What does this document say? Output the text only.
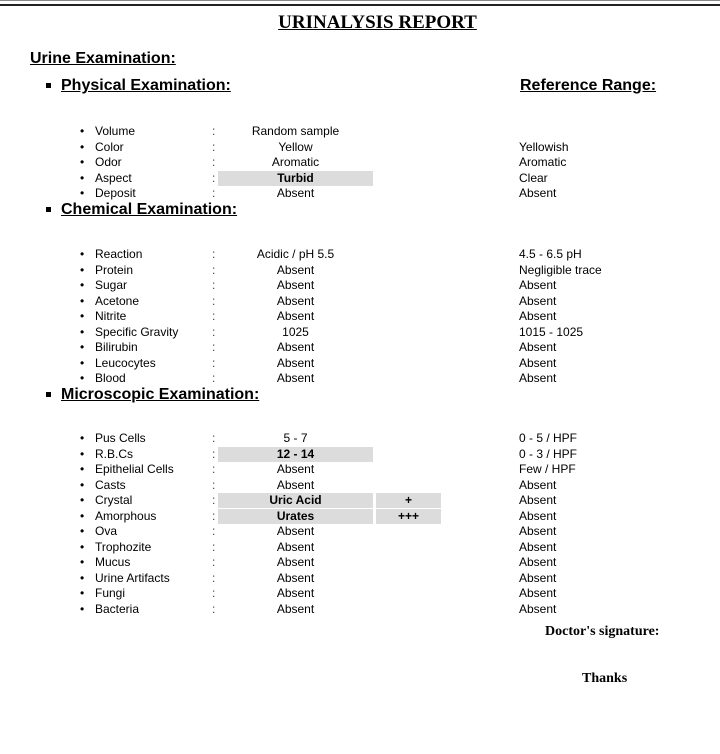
URINALYSIS REPORT
Urine Examination:
Physical Examination:	Reference Range:
• Volume	:	Random sample
• Color	:	Yellow	Yellowish
• Odor	:	Aromatic	Aromatic
• Aspect	:	Turbid	Clear
• Deposit	:	Absent	Absent
Chemical Examination:
• Reaction	:	Acidic / pH 5.5	4.5 - 6.5 pH
• Protein	:	Absent	Negligible trace
• Sugar	:	Absent	Absent
• Acetone	:	Absent	Absent
• Nitrite	:	Absent	Absent
• Specific Gravity	:	1025	1015 - 1025
• Bilirubin	:	Absent	Absent
• Leucocytes	:	Absent	Absent
• Blood	:	Absent	Absent
Microscopic Examination:
• Pus Cells	:	5 - 7	0 - 5 / HPF
• R.B.Cs	:	12 - 14	0 - 3 / HPF
• Epithelial Cells	:	Absent	Few / HPF
• Casts	:	Absent	Absent
• Crystal	:	Uric Acid	+	Absent
• Amorphous	:	Urates	+++	Absent
• Ova	:	Absent	Absent
• Trophozite	:	Absent	Absent
• Mucus	:	Absent	Absent
• Urine Artifacts	:	Absent	Absent
• Fungi	:	Absent	Absent
• Bacteria	:	Absent	Absent
Doctor's signature:
Thanks
